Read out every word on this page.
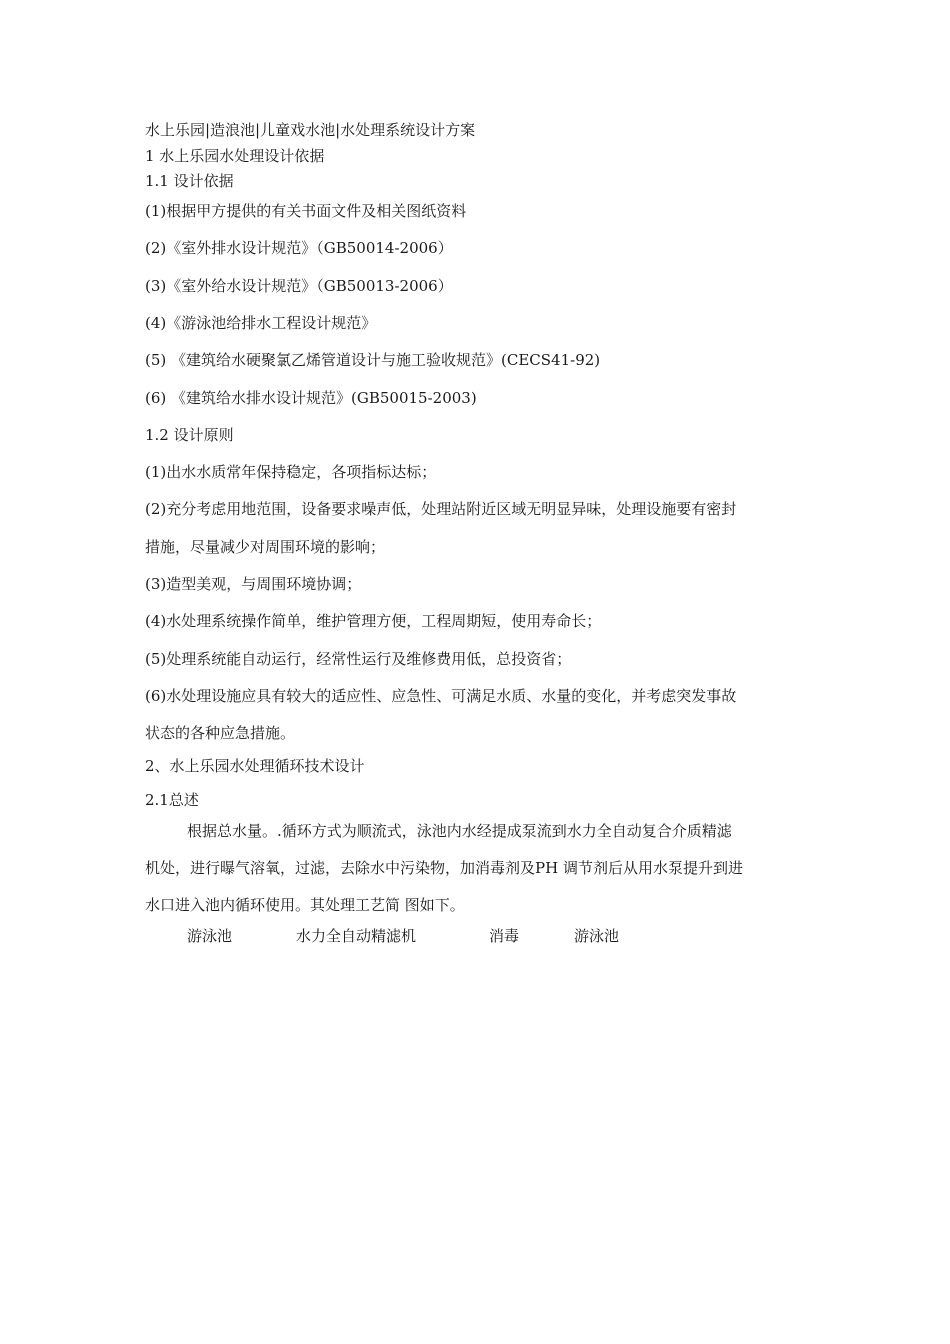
水上乐园|造浪池|儿童戏水池|水处理系统设计方案
1 水上乐园水处理设计依据
1.1 设计依据
(1)根据甲方提供的有关书面文件及相关图纸资料
(2)《室外排水设计规范》（GB50014-2006）
(3)《室外给水设计规范》（GB50013-2006）
(4)《游泳池给排水工程设计规范》
(5) 《建筑给水硬聚氯乙烯管道设计与施工验收规范》(CECS41-92)
(6) 《建筑给水排水设计规范》(GB50015-2003)
1.2 设计原则
(1)出水水质常年保持稳定，各项指标达标；
(2)充分考虑用地范围，设备要求噪声低，处理站附近区域无明显异味，处理设施要有密封
措施，尽量减少对周围环境的影响；
(3)造型美观，与周围环境协调；
(4)水处理系统操作简单，维护管理方便，工程周期短，使用寿命长；
(5)处理系统能自动运行，经常性运行及维修费用低，总投资省；
(6)水处理设施应具有较大的适应性、应急性、可满足水质、水量的变化，并考虑突发事故
状态的各种应急措施。
2、水上乐园水处理循环技术设计
2.1总述
根据总水量。.循环方式为顺流式，泳池内水经提成泵流到水力全自动复合介质精滤
机处，进行曝气溶氧，过滤，去除水中污染物，加消毒剂及PH 调节剂后从用水泵提升到进
水口进入池内循环使用。其处理工艺简 图如下。
游泳池	水力全自动精滤机	消毒	游泳池
